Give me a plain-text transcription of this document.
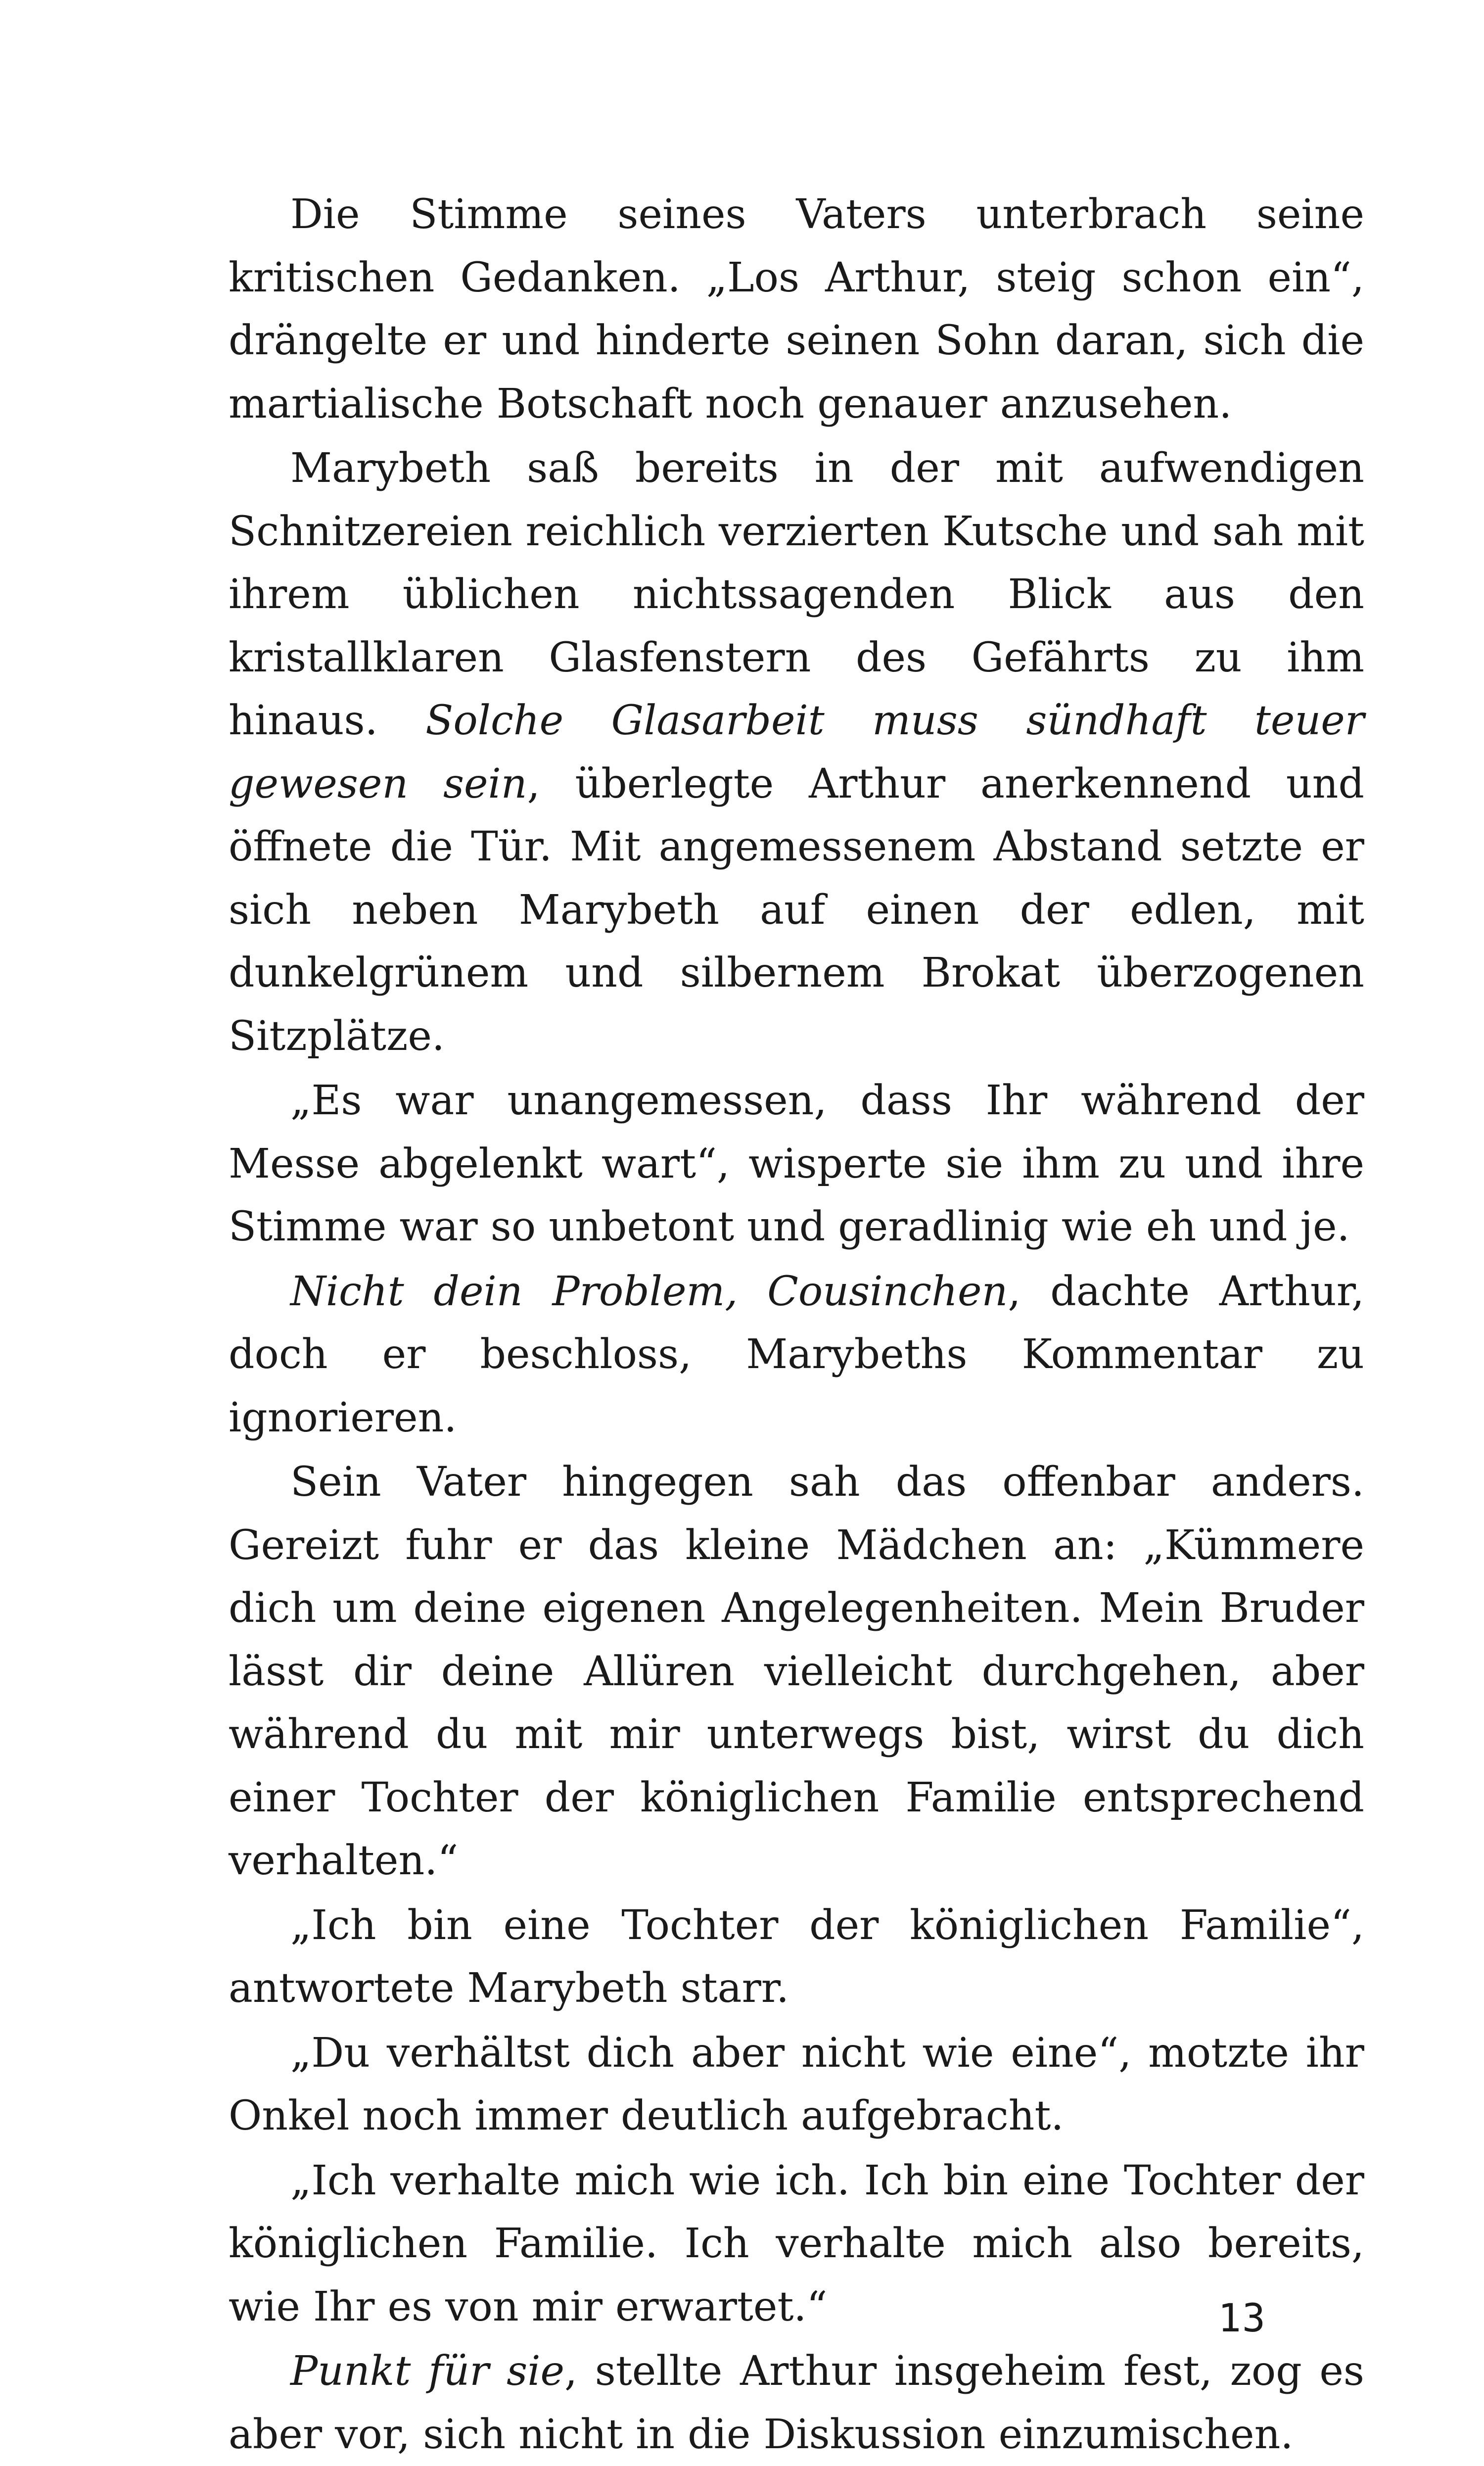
Die Stimme seines Vaters unterbrach seine kritischen Gedanken. „Los Arthur, steig schon ein“, drängelte er und hinderte seinen Sohn daran, sich die martialische Botschaft noch genauer anzusehen.

Marybeth saß bereits in der mit aufwendigen Schnitzereien reichlich verzierten Kutsche und sah mit ihrem üblichen nichtssagenden Blick aus den kristallklaren Glasfenstern des Gefährts zu ihm hinaus. Solche Glasarbeit muss sündhaft teuer gewesen sein, überlegte Arthur anerkennend und öffnete die Tür. Mit angemessenem Abstand setzte er sich neben Marybeth auf einen der edlen, mit dunkelgrünem und silbernem Brokat überzogenen Sitzplätze.

„Es war unangemessen, dass Ihr während der Messe abgelenkt wart“, wisperte sie ihm zu und ihre Stimme war so unbetont und geradlinig wie eh und je.

Nicht dein Problem, Cousinchen, dachte Arthur, doch er beschloss, Marybeths Kommentar zu ignorieren.

Sein Vater hingegen sah das offenbar anders. Gereizt fuhr er das kleine Mädchen an: „Kümmere dich um deine eigenen Angelegenheiten. Mein Bruder lässt dir deine Allüren vielleicht durchgehen, aber während du mit mir unterwegs bist, wirst du dich einer Tochter der königlichen Familie entsprechend verhalten.“

„Ich bin eine Tochter der königlichen Familie“, antwortete Marybeth starr.

„Du verhältst dich aber nicht wie eine“, motzte ihr Onkel noch immer deutlich aufgebracht.

„Ich verhalte mich wie ich. Ich bin eine Tochter der königlichen Familie. Ich verhalte mich also bereits, wie Ihr es von mir erwartet.“

Punkt für sie, stellte Arthur insgeheim fest, zog es aber vor, sich nicht in die Diskussion einzumischen.

13
